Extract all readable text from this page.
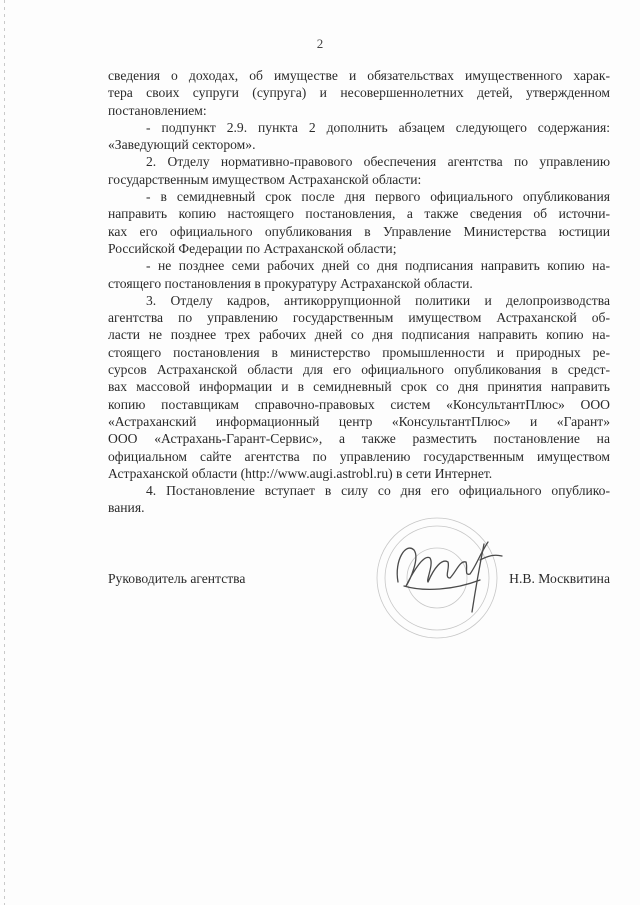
2
сведения о доходах, об имуществе и обязательствах имущественного харак-
тера своих супруги (супруга) и несовершеннолетних детей, утвержденном
постановлением:
- подпункт 2.9. пункта 2 дополнить абзацем следующего содержания:
«Заведующий сектором».
2. Отделу нормативно-правового обеспечения агентства по управлению
государственным имуществом Астраханской области:
- в семидневный срок после дня первого официального опубликования
направить копию настоящего постановления, а также сведения об источни-
ках его официального опубликования в Управление Министерства юстиции
Российской Федерации по Астраханской области;
- не позднее семи рабочих дней со дня подписания направить копию на-
стоящего постановления в прокуратуру Астраханской области.
3. Отделу кадров, антикоррупционной политики и делопроизводства
агентства по управлению государственным имуществом Астраханской об-
ласти не позднее трех рабочих дней со дня подписания направить копию на-
стоящего постановления в министерство промышленности и природных ре-
сурсов Астраханской области для его официального опубликования в средст-
вах массовой информации и в семидневный срок со дня принятия направить
копию поставщикам справочно-правовых систем «КонсультантПлюс» ООО
«Астраханский информационный центр «КонсультантПлюс» и «Гарант»
ООО «Астрахань-Гарант-Сервис», а также разместить постановление на
официальном сайте агентства по управлению государственным имуществом
Астраханской области (http://www.augi.astrobl.ru) в сети Интернет.
4. Постановление вступает в силу со дня его официального опублико-
вания.
Руководитель агентства	Н.В. Москвитина
